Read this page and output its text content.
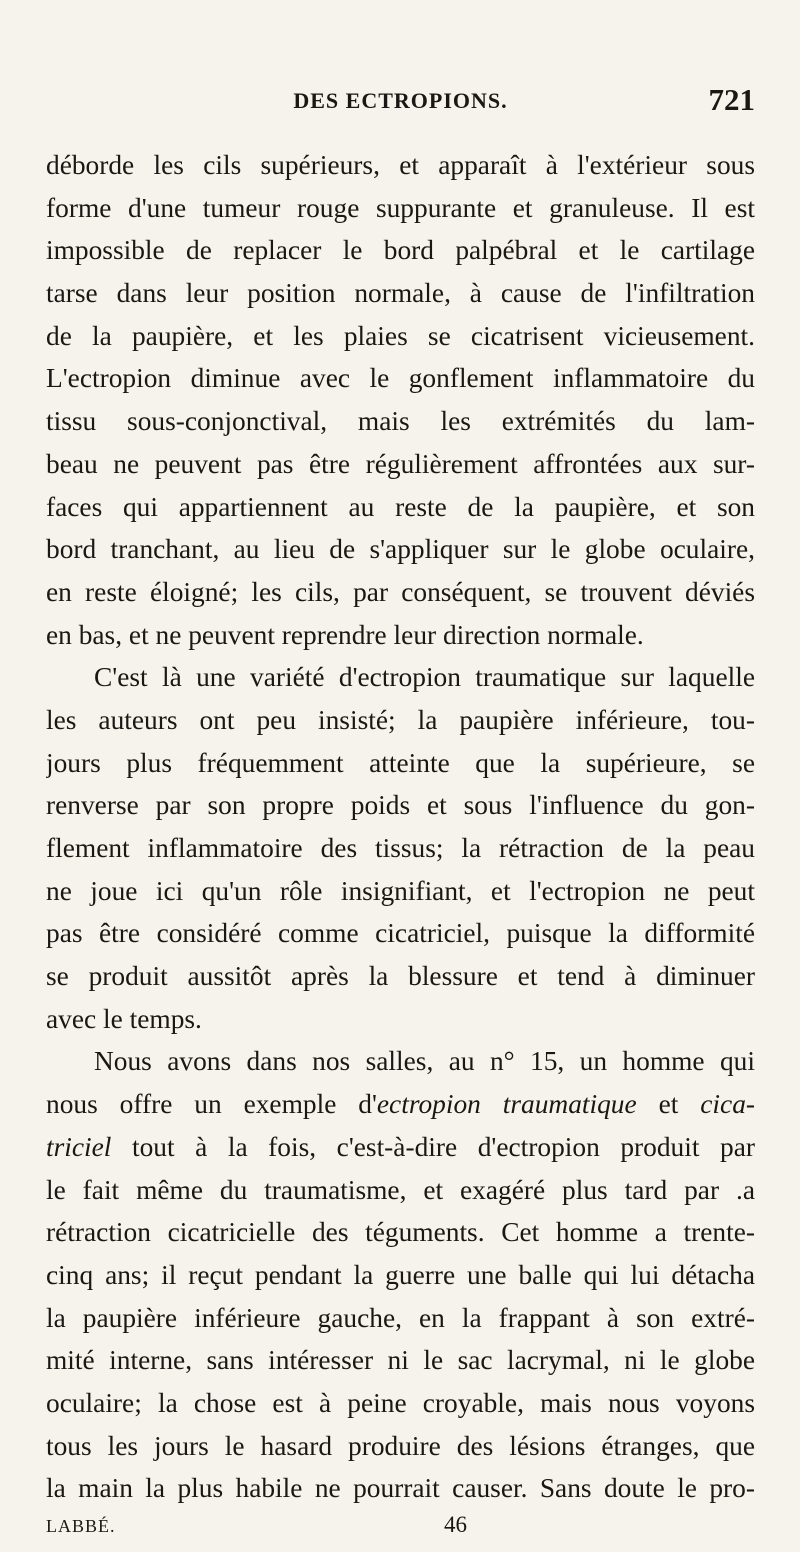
DES ECTROPIONS.	721
déborde les cils supérieurs, et apparaît à l'extérieur sous
forme d'une tumeur rouge suppurante et granuleuse. Il est
impossible de replacer le bord palpébral et le cartilage
tarse dans leur position normale, à cause de l'infiltration
de la paupière, et les plaies se cicatrisent vicieusement.
L'ectropion diminue avec le gonflement inflammatoire du
tissu sous-conjonctival, mais les extrémités du lam-
beau ne peuvent pas être régulièrement affrontées aux sur-
faces qui appartiennent au reste de la paupière, et son
bord tranchant, au lieu de s'appliquer sur le globe oculaire,
en reste éloigné; les cils, par conséquent, se trouvent déviés
en bas, et ne peuvent reprendre leur direction normale.
C'est là une variété d'ectropion traumatique sur laquelle
les auteurs ont peu insisté; la paupière inférieure, tou-
jours plus fréquemment atteinte que la supérieure, se
renverse par son propre poids et sous l'influence du gon-
flement inflammatoire des tissus; la rétraction de la peau
ne joue ici qu'un rôle insignifiant, et l'ectropion ne peut
pas être considéré comme cicatriciel, puisque la difformité
se produit aussitôt après la blessure et tend à diminuer
avec le temps.
Nous avons dans nos salles, au n° 15, un homme qui
nous offre un exemple d'ectropion traumatique et cica-
triciel tout à la fois, c'est-à-dire d'ectropion produit par
le fait même du traumatisme, et exagéré plus tard par .a
rétraction cicatricielle des téguments. Cet homme a trente-
cinq ans; il reçut pendant la guerre une balle qui lui détacha
la paupière inférieure gauche, en la frappant à son extré-
mité interne, sans intéresser ni le sac lacrymal, ni le globe
oculaire; la chose est à peine croyable, mais nous voyons
tous les jours le hasard produire des lésions étranges, que
la main la plus habile ne pourrait causer. Sans doute le pro-
LABBÉ.	46
